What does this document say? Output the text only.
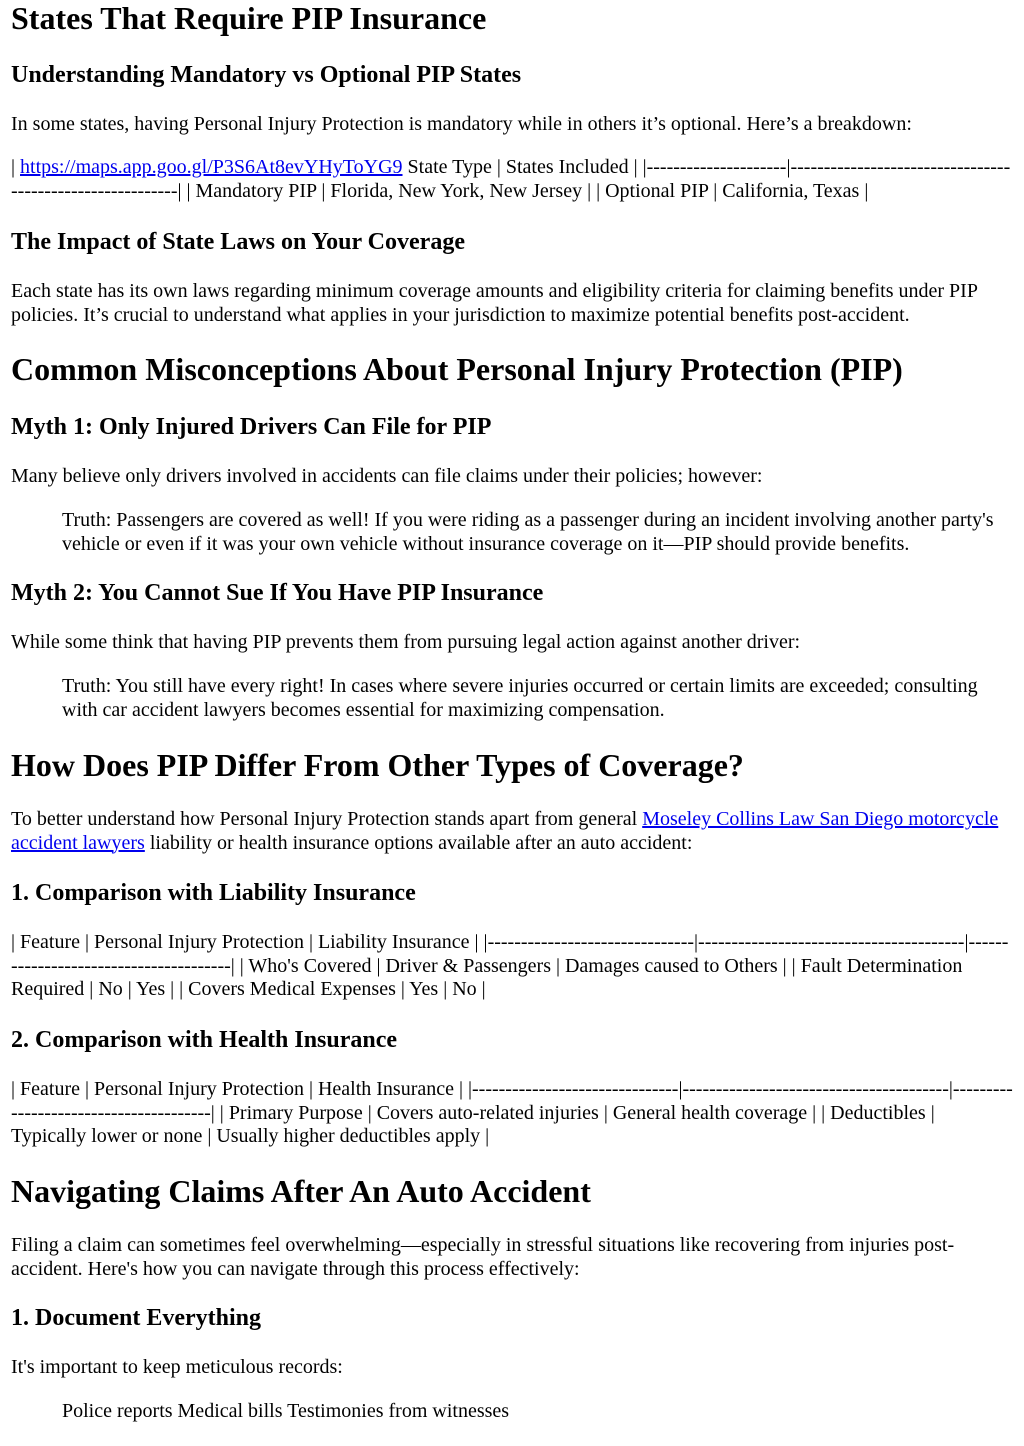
States That Require PIP Insurance
Understanding Mandatory vs Optional PIP States

In some states, having Personal Injury Protection is mandatory while in others it’s optional. Here’s a breakdown:

| https://maps.app.goo.gl/P3S6At8evYHyToYG9 State Type | States Included | |---------------------|----------------------------------------------------------| | Mandatory PIP | Florida, New York, New Jersey | | Optional PIP | California, Texas |

The Impact of State Laws on Your Coverage

Each state has its own laws regarding minimum coverage amounts and eligibility criteria for claiming benefits under PIP policies. It’s crucial to understand what applies in your jurisdiction to maximize potential benefits post-accident.

Common Misconceptions About Personal Injury Protection (PIP)
Myth 1: Only Injured Drivers Can File for PIP

Many believe only drivers involved in accidents can file claims under their policies; however:

Truth: Passengers are covered as well! If you were riding as a passenger during an incident involving another party's vehicle or even if it was your own vehicle without insurance coverage on it—PIP should provide benefits.
Myth 2: You Cannot Sue If You Have PIP Insurance

While some think that having PIP prevents them from pursuing legal action against another driver:

Truth: You still have every right! In cases where severe injuries occurred or certain limits are exceeded; consulting with car accident lawyers becomes essential for maximizing compensation.
How Does PIP Differ From Other Types of Coverage?

To better understand how Personal Injury Protection stands apart from general Moseley Collins Law San Diego motorcycle accident lawyers liability or health insurance options available after an auto accident:

1. Comparison with Liability Insurance

| Feature | Personal Injury Protection | Liability Insurance | |-------------------------------|----------------------------------------|---------------------------------------| | Who's Covered | Driver & Passengers | Damages caused to Others | | Fault Determination Required | No | Yes | | Covers Medical Expenses | Yes | No |

2. Comparison with Health Insurance

| Feature | Personal Injury Protection | Health Insurance | |-------------------------------|----------------------------------------|---------------------------------------| | Primary Purpose | Covers auto-related injuries | General health coverage | | Deductibles | Typically lower or none | Usually higher deductibles apply |

Navigating Claims After An Auto Accident

Filing a claim can sometimes feel overwhelming—especially in stressful situations like recovering from injuries post-accident. Here's how you can navigate through this process effectively:

1. Document Everything

It's important to keep meticulous records:

Police reports Medical bills Testimonies from witnesses
